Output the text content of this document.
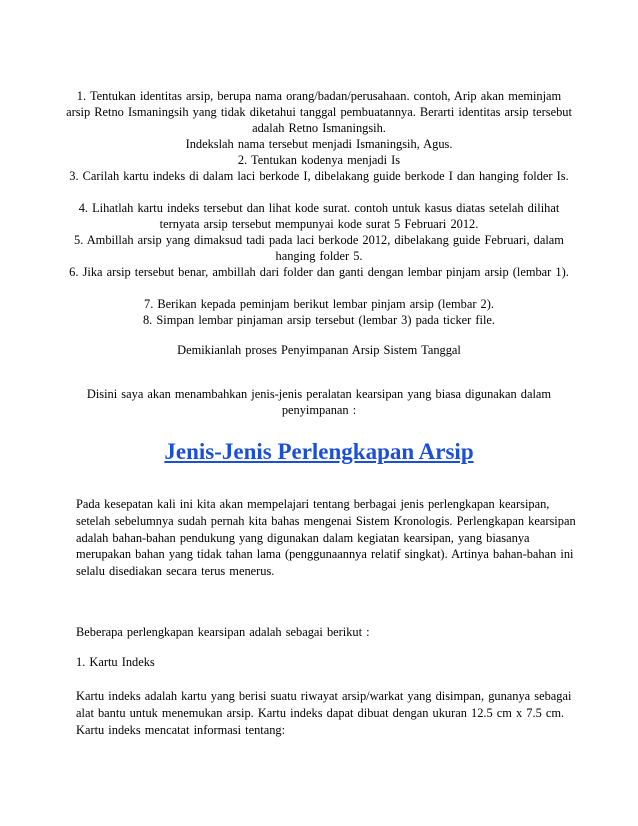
1. Tentukan identitas arsip, berupa nama orang/badan/perusahaan. contoh, Arip akan meminjam arsip Retno Ismaningsih yang tidak diketahui tanggal pembuatannya. Berarti identitas arsip tersebut adalah Retno Ismaningsih.
Indekslah nama tersebut menjadi Ismaningsih, Agus.
2. Tentukan kodenya menjadi Is
3. Carilah kartu indeks di dalam laci berkode I, dibelakang guide berkode I dan hanging folder Is.
4. Lihatlah kartu indeks tersebut dan lihat kode surat. contoh untuk kasus diatas setelah dilihat ternyata arsip tersebut mempunyai kode surat 5 Februari 2012.
5. Ambillah arsip yang dimaksud tadi pada laci berkode 2012, dibelakang guide Februari, dalam hanging folder 5.
6. Jika arsip tersebut benar, ambillah dari folder dan ganti dengan lembar pinjam arsip (lembar 1).
7. Berikan kepada peminjam berikut lembar pinjam arsip (lembar 2).
8. Simpan lembar pinjaman arsip tersebut (lembar 3) pada ticker file.
Demikianlah proses Penyimpanan Arsip Sistem Tanggal
Disini saya akan menambahkan jenis-jenis peralatan kearsipan yang biasa digunakan dalam penyimpanan :
Jenis-Jenis Perlengkapan Arsip
Pada kesepatan kali ini kita akan mempelajari tentang berbagai jenis perlengkapan kearsipan, setelah sebelumnya sudah pernah kita bahas mengenai Sistem Kronologis. Perlengkapan kearsipan adalah bahan-bahan pendukung yang digunakan dalam kegiatan kearsipan, yang biasanya merupakan bahan yang tidak tahan lama (penggunaannya relatif singkat). Artinya bahan-bahan ini selalu disediakan secara terus menerus.
Beberapa perlengkapan kearsipan adalah sebagai berikut :
1. Kartu Indeks
Kartu indeks adalah kartu yang berisi suatu riwayat arsip/warkat yang disimpan, gunanya sebagai alat bantu untuk menemukan arsip. Kartu indeks dapat dibuat dengan ukuran 12.5 cm x 7.5 cm. Kartu indeks mencatat informasi tentang:
